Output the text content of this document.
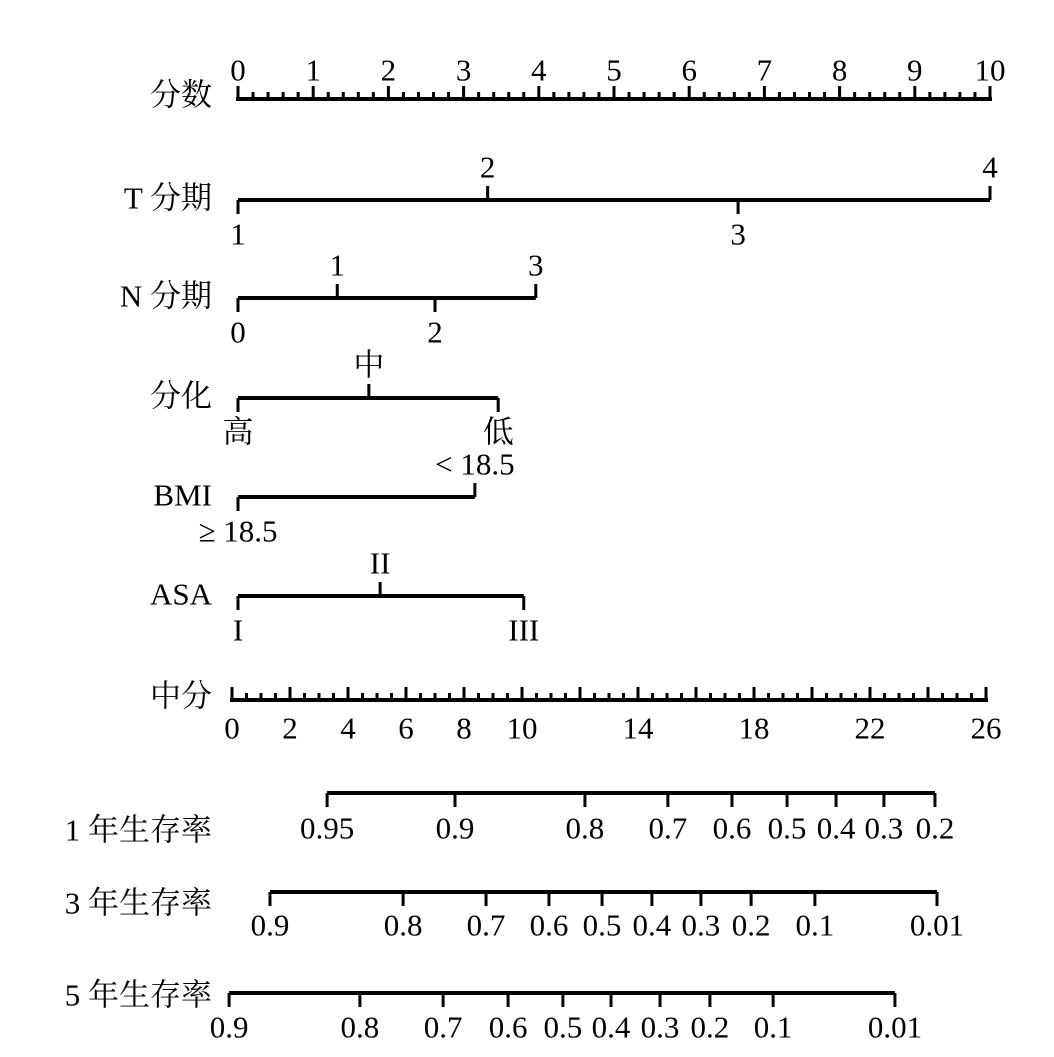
分数
0 1 2 3 4 5 6 7 8 9 10
T 分期
1
2
3
4
N 分期
0
1
2
3
分化
高
中
低
BMI
≥ 18.5
< 18.5
ASA
I
II
III
中分
0 2 4 6 8 10	14	18	22	26
1 年生存率	0.95	0.9	0.8 0.7 0.6 0.5 0.4 0.3 0.2
3 年生存率
0.9	0.8 0.7 0.6 0.5 0.4 0.3 0.2 0.1 0.01
5 年生存率
0.9	0.8 0.7 0.6 0.5 0.4 0.3 0.2 0.1 0.01
